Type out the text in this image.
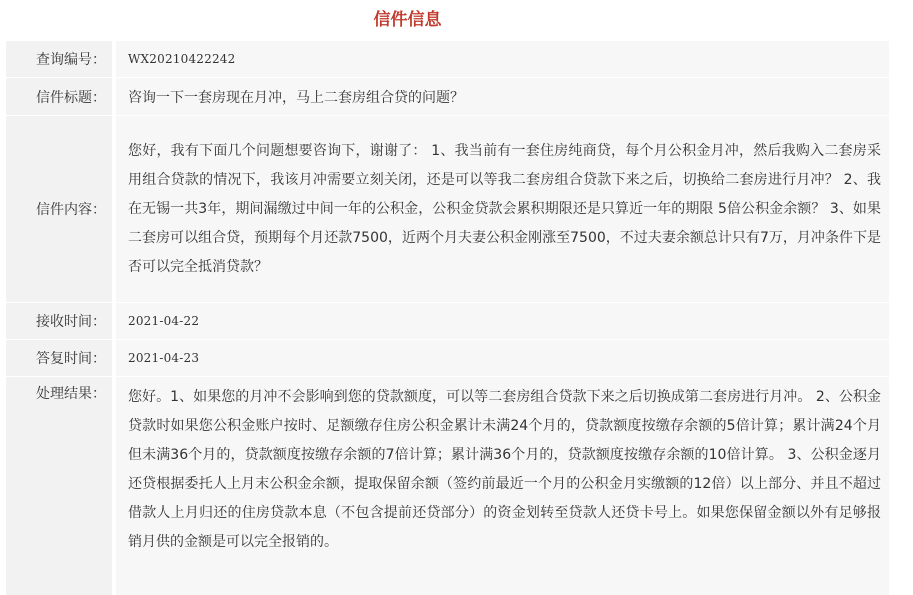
信件信息
查询编号：	WX20210422242
信件标题：	咨询一下一套房现在月冲，马上二套房组合贷的问题？
信件内容：
您好，我有下面几个问题想要咨询下，谢谢了： 1、我当前有一套住房纯商贷，每个月公积金月冲，然后我购入二套房采用组合贷款的情况下，我该月冲需要立刻关闭，还是可以等我二套房组合贷款下来之后，切换给二套房进行月冲？ 2、我在无锡一共3年，期间漏缴过中间一年的公积金，公积金贷款会累积期限还是只算近一年的期限 5倍公积金余额？ 3、如果二套房可以组合贷，预期每个月还款7500，近两个月夫妻公积金刚涨至7500，不过夫妻余额总计只有7万，月冲条件下是否可以完全抵消贷款？
接收时间：	2021-04-22
答复时间：	2021-04-23
处理结果：	您好。1、如果您的月冲不会影响到您的贷款额度，可以等二套房组合贷款下来之后切换成第二套房进行月冲。 2、公积金贷款时如果您公积金账户按时、足额缴存住房公积金累计未满24个月的，贷款额度按缴存余额的5倍计算；累计满24个月但未满36个月的，贷款额度按缴存余额的7倍计算；累计满36个月的，贷款额度按缴存余额的10倍计算。 3、公积金逐月还贷根据委托人上月末公积金余额，提取保留余额（签约前最近一个月的公积金月实缴额的12倍）以上部分、并且不超过借款人上月归还的住房贷款本息（不包含提前还贷部分）的资金划转至贷款人还贷卡号上。如果您保留金额以外有足够报销月供的金额是可以完全报销的。
